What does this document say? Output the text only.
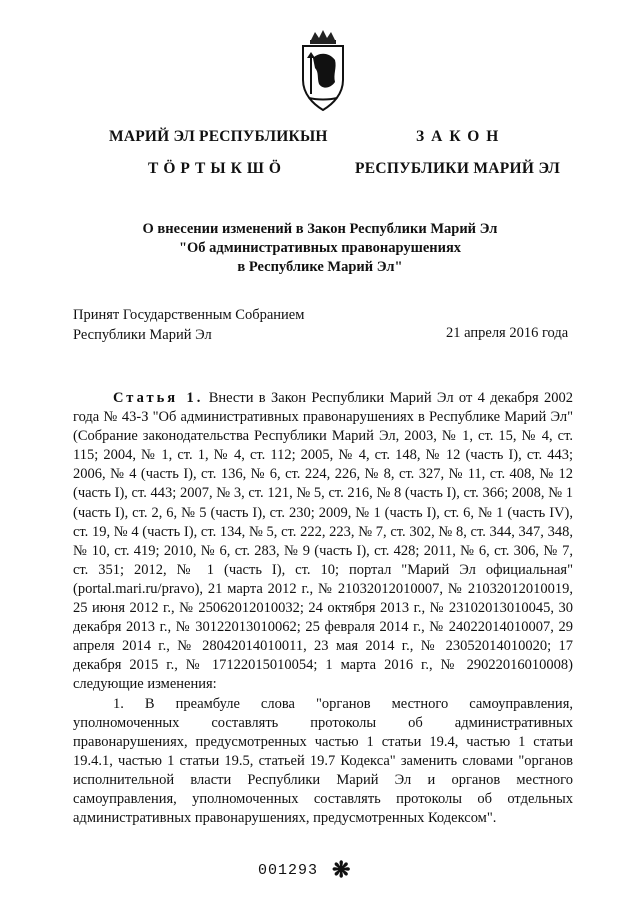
МАРИЙ ЭЛ РЕСПУБЛИКЫН
ТӦРТЫКШӦ
ЗАКОН
РЕСПУБЛИКИ МАРИЙ ЭЛ
О внесении изменений в Закон Республики Марий Эл
"Об административных правонарушениях
в Республике Марий Эл"
Принят Государственным Собранием
Республики Марий Эл	21 апреля 2016 года

Статья 1. Внести в Закон Республики Марий Эл от 4 декабря 2002 года № 43-З "Об административных правонарушениях в Республике Марий Эл" (Собрание законодательства Республики Марий Эл, 2003, № 1, ст. 15, № 4, ст. 115; 2004, № 1, ст. 1, № 4, ст. 112; 2005, № 4, ст. 148, № 12 (часть I), ст. 443; 2006, № 4 (часть I), ст. 136, № 6, ст. 224, 226, № 8, ст. 327, № 11, ст. 408, № 12 (часть I), ст. 443; 2007, № 3, ст. 121, № 5, ст. 216, № 8 (часть I), ст. 366; 2008, № 1 (часть I), ст. 2, 6, № 5 (часть I), ст. 230; 2009, № 1 (часть I), ст. 6, № 1 (часть IV), ст. 19, № 4 (часть I), ст. 134, № 5, ст. 222, 223, № 7, ст. 302, № 8, ст. 344, 347, 348, № 10, ст. 419; 2010, № 6, ст. 283, № 9 (часть I), ст. 428; 2011, № 6, ст. 306, № 7, ст. 351; 2012, № 1 (часть I), ст. 10; портал "Марий Эл официальная" (portal.mari.ru/pravo), 21 марта 2012 г., № 21032012010007, № 21032012010019, 25 июня 2012 г., № 25062012010032; 24 октября 2013 г., № 23102013010045, 30 декабря 2013 г., № 30122013010062; 25 февраля 2014 г., № 24022014010007, 29 апреля 2014 г., № 28042014010011, 23 мая 2014 г., № 23052014010020; 17 декабря 2015 г., № 17122015010054; 1 марта 2016 г., № 29022016010008) следующие изменения:

1. В преамбуле слова "органов местного самоуправления, уполномоченных составлять протоколы об административных правонарушениях, предусмотренных частью 1 статьи 19.4, частью 1 статьи 19.4.1, частью 1 статьи 19.5, статьей 19.7 Кодекса" заменить словами "органов исполнительной власти Республики Марий Эл и органов местного самоуправления, уполномоченных составлять протоколы об отдельных административных правонарушениях, предусмотренных Кодексом".

001293 ❋
